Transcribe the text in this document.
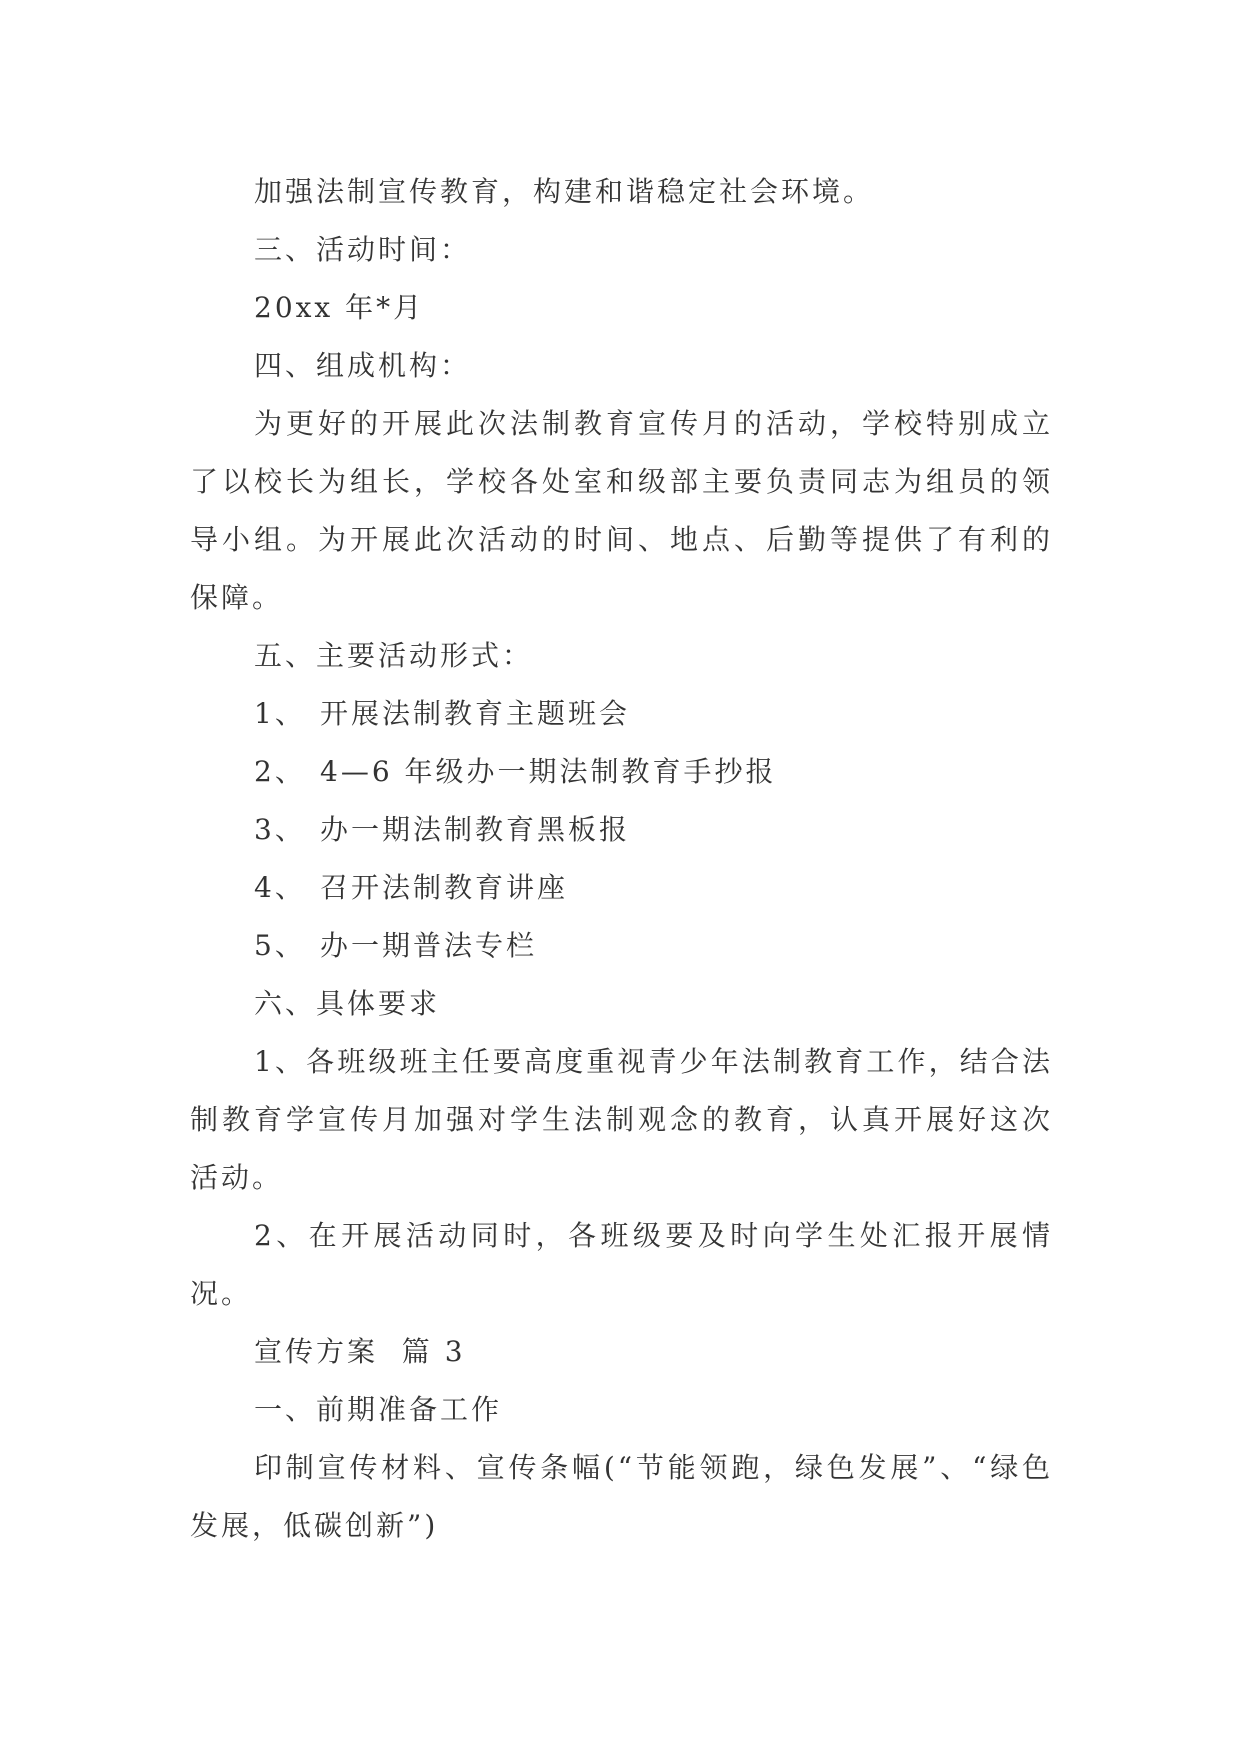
加强法制宣传教育，构建和谐稳定社会环境。

三、活动时间：

20xx 年*月

四、组成机构：

为更好的开展此次法制教育宣传月的活动，学校特别成立了以校长为组长，学校各处室和级部主要负责同志为组员的领导小组。为开展此次活动的时间、地点、后勤等提供了有利的保障。

五、主要活动形式：

1、 开展法制教育主题班会

2、 4—6 年级办一期法制教育手抄报

3、 办一期法制教育黑板报

4、 召开法制教育讲座

5、 办一期普法专栏

六、具体要求

1、各班级班主任要高度重视青少年法制教育工作，结合法制教育学宣传月加强对学生法制观念的教育，认真开展好这次活动。

2、在开展活动同时，各班级要及时向学生处汇报开展情况。

宣传方案  篇 3

一、前期准备工作

印制宣传材料、宣传条幅(“节能领跑，绿色发展”、“绿色发展，低碳创新”)
